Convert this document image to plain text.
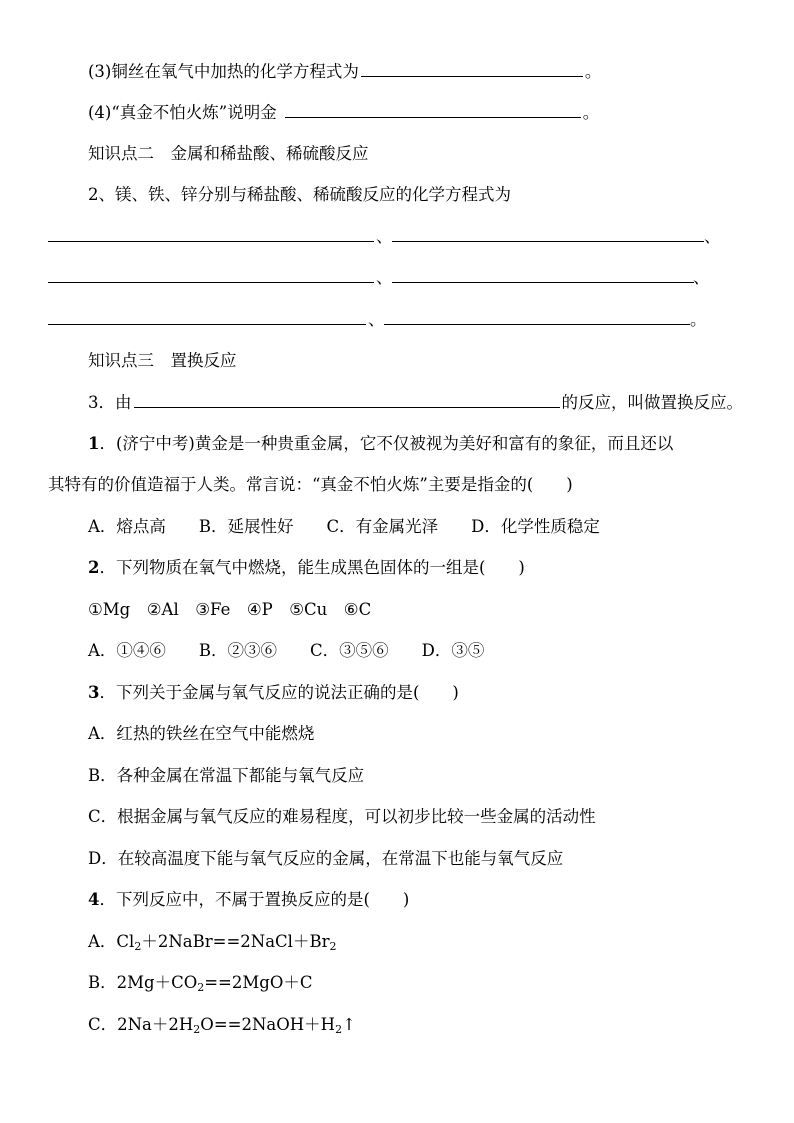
(3)铜丝在氧气中加热的化学方程式为	。
(4)“真金不怕火炼”说明金	。
知识点二　金属和稀盐酸、稀硫酸反应
2、镁、铁、锌分别与稀盐酸、稀硫酸反应的化学方程式为
、	、
、	、
、	。
知识点三　置换反应
3．由	的反应，叫做置换反应。
1．(济宁中考)黄金是一种贵重金属，它不仅被视为美好和富有的象征，而且还以
其特有的价值造福于人类。常言说：“真金不怕火炼”主要是指金的(　　)
A．熔点高　　B．延展性好　　C．有金属光泽　　D．化学性质稳定
2．下列物质在氧气中燃烧，能生成黑色固体的一组是(　　)
①Mg　②Al　③Fe　④P　⑤Cu　⑥C
A．①④⑥　　B．②③⑥　　C．③⑤⑥　　D．③⑤
3．下列关于金属与氧气反应的说法正确的是(　　)
A．红热的铁丝在空气中能燃烧
B．各种金属在常温下都能与氧气反应
C．根据金属与氧气反应的难易程度，可以初步比较一些金属的活动性
D．在较高温度下能与氧气反应的金属，在常温下也能与氧气反应
4．下列反应中，不属于置换反应的是(　　)
A．$Cl_2+2NaBr==2NaCl+Br_2$
B．$2Mg+CO_2==2MgO+C$
C．$2Na+2H_2O==2NaOH+H_2↑$
